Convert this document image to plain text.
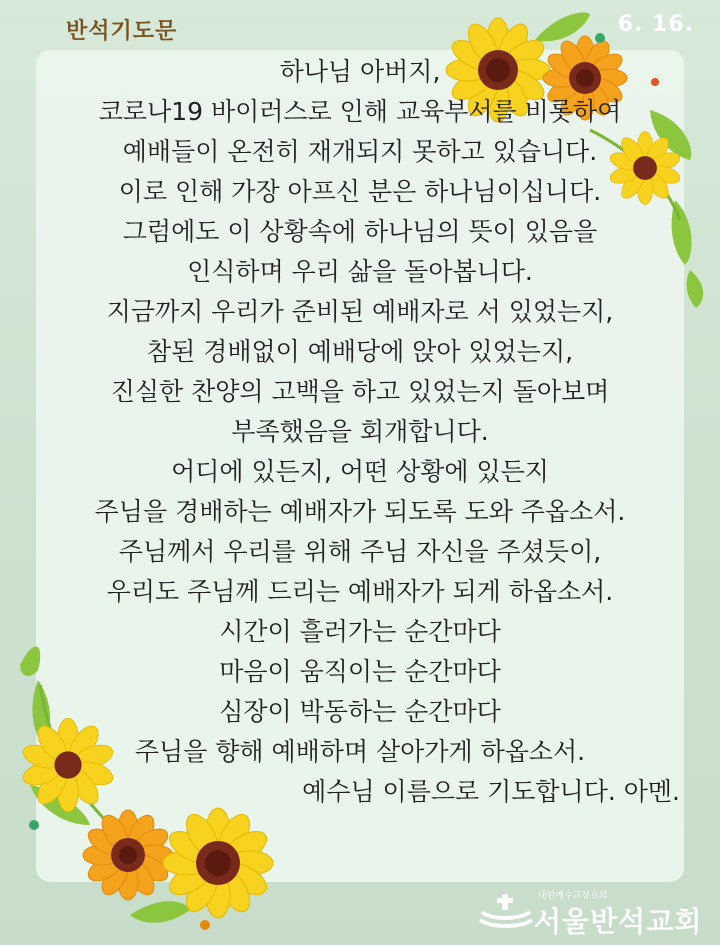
반석기도문	6. 16.
하나님 아버지,
코로나19 바이러스로 인해 교육부서를 비롯하여
예배들이 온전히 재개되지 못하고 있습니다.
이로 인해 가장 아프신 분은 하나님이십니다.
그럼에도 이 상황속에 하나님의 뜻이 있음을
인식하며 우리 삶을 돌아봅니다.
지금까지 우리가 준비된 예배자로 서 있었는지,
참된 경배없이 예배당에 앉아 있었는지,
진실한 찬양의 고백을 하고 있었는지 돌아보며
부족했음을 회개합니다.
어디에 있든지, 어떤 상황에 있든지
주님을 경배하는 예배자가 되도록 도와 주옵소서.
주님께서 우리를 위해 주님 자신을 주셨듯이,
우리도 주님께 드리는 예배자가 되게 하옵소서.
시간이 흘러가는 순간마다
마음이 움직이는 순간마다
심장이 박동하는 순간마다
주님을 향해 예배하며 살아가게 하옵소서.
예수님 이름으로 기도합니다. 아멘.
대한예수교장로회
서울반석교회
